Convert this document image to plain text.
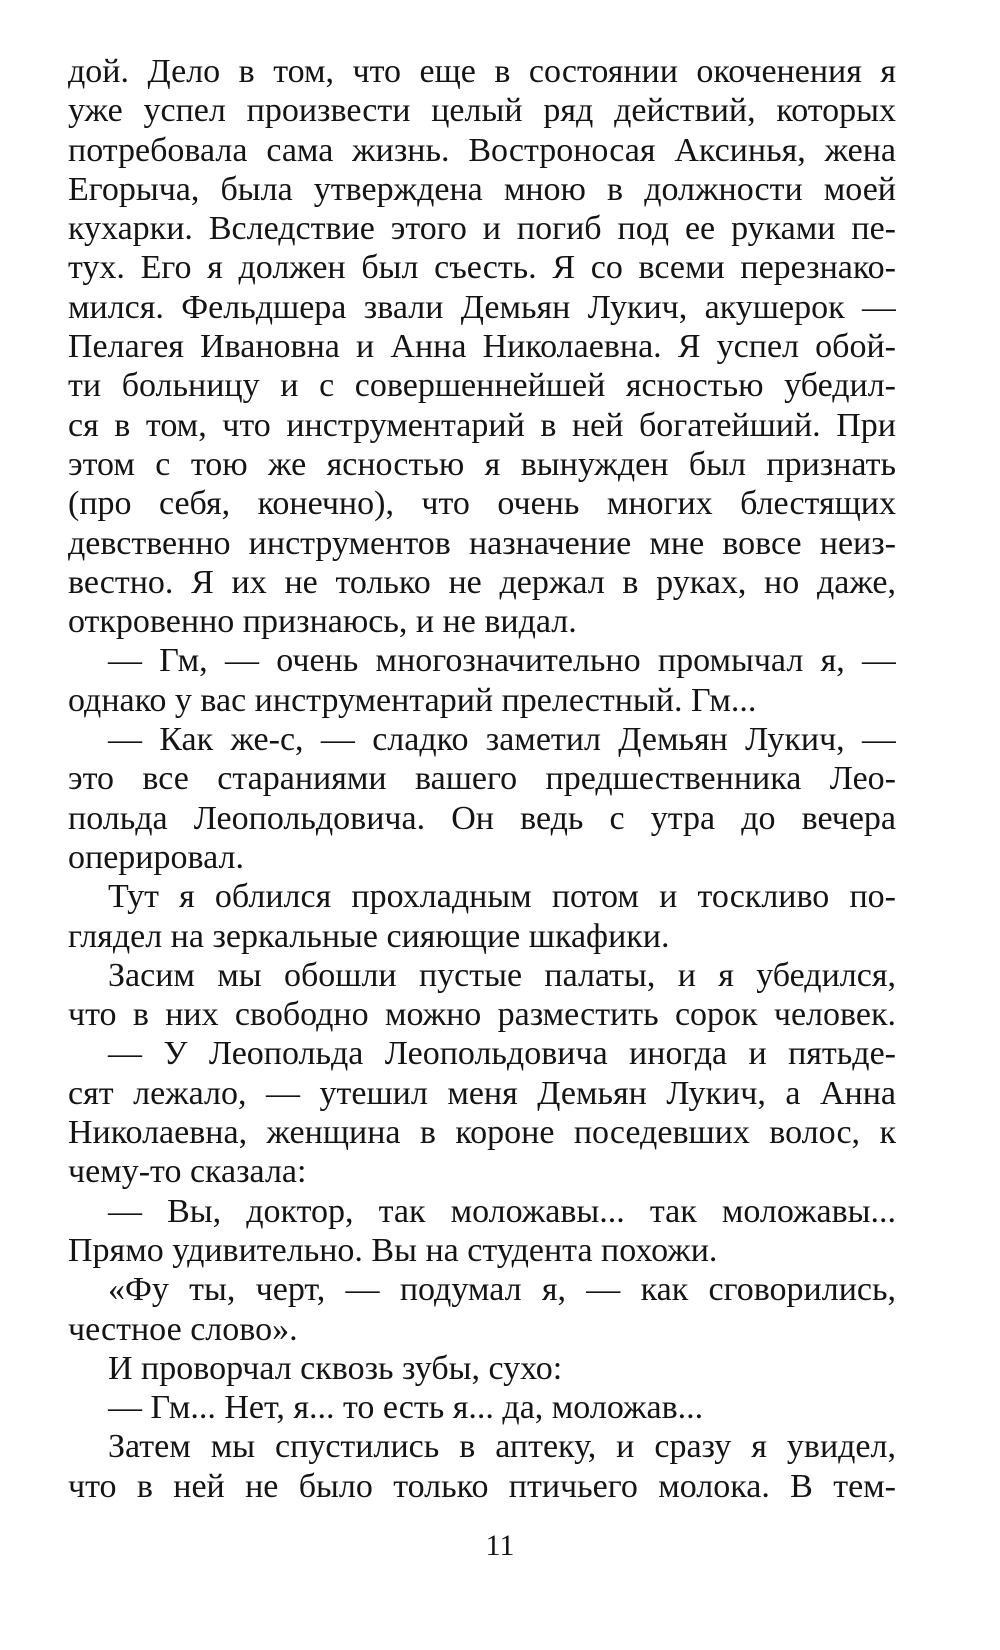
дой. Дело в том, что еще в состоянии окоченения я
уже успел произвести целый ряд действий, которых
потребовала сама жизнь. Востроносая Аксинья, жена
Егорыча, была утверждена мною в должности моей
кухарки. Вследствие этого и погиб под ее руками пе-
тух. Его я должен был съесть. Я со всеми перезнако-
мился. Фельдшера звали Демьян Лукич, акушерок —
Пелагея Ивановна и Анна Николаевна. Я успел обой-
ти больницу и с совершеннейшей ясностью убедил-
ся в том, что инструментарий в ней богатейший. При
этом с тою же ясностью я вынужден был признать
(про себя, конечно), что очень многих блестящих
девственно инструментов назначение мне вовсе неиз-
вестно. Я их не только не держал в руках, но даже,
откровенно признаюсь, и не видал.
— Гм, — очень многозначительно промычал я, —
однако у вас инструментарий прелестный. Гм...
— Как же-с, — сладко заметил Демьян Лукич, —
это все стараниями вашего предшественника Лео-
польда Леопольдовича. Он ведь с утра до вечера
оперировал.
Тут я облился прохладным потом и тоскливо по-
глядел на зеркальные сияющие шкафики.
Засим мы обошли пустые палаты, и я убедился,
что в них свободно можно разместить сорок человек.
— У Леопольда Леопольдовича иногда и пятьде-
сят лежало, — утешил меня Демьян Лукич, а Анна
Николаевна, женщина в короне поседевших волос, к
чему-то сказала:
— Вы, доктор, так моложавы... так моложавы...
Прямо удивительно. Вы на студента похожи.
«Фу ты, черт, — подумал я, — как сговорились,
честное слово».
И проворчал сквозь зубы, сухо:
— Гм... Нет, я... то есть я... да, моложав...
Затем мы спустились в аптеку, и сразу я увидел,
что в ней не было только птичьего молока. В тем-
11
